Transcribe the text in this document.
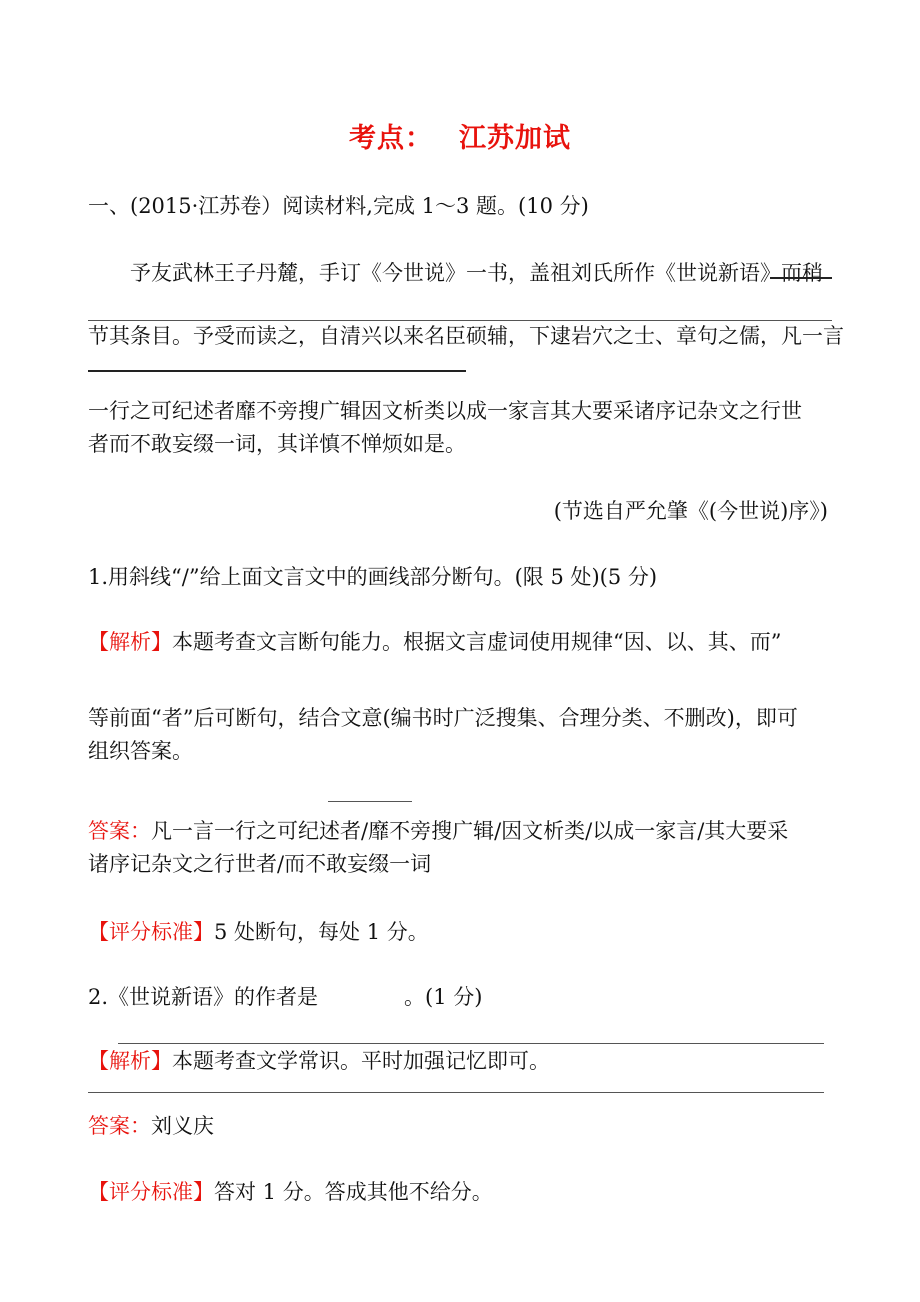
考点： 江苏加试
一、(2015·江苏卷）阅读材料,完成 1～3 题。(10 分)
予友武林王子丹麓，手订《今世说》一书，盖祖刘氏所作《世说新语》而稍
节其条目。予受而读之，自清兴以来名臣硕辅，下逮岩穴之士、章句之儒，凡一言
一行之可纪述者靡不旁搜广辑因文析类以成一家言其大要采诸序记杂文之行世
者而不敢妄缀一词，其详慎不惮烦如是。
(节选自严允肇《(今世说)序》)
1.用斜线“/”给上面文言文中的画线部分断句。(限 5 处)(5 分)
【解析】本题考查文言断句能力。根据文言虚词使用规律“因、以、其、而”
等前面“者”后可断句，结合文意(编书时广泛搜集、合理分类、不删改)，即可
组织答案。
答案：凡一言一行之可纪述者/靡不旁搜广辑/因文析类/以成一家言/其大要采
诸序记杂文之行世者/而不敢妄缀一词
【评分标准】5 处断句，每处 1 分。
2.《世说新语》的作者是	。(1 分)
【解析】本题考查文学常识。平时加强记忆即可。
答案：刘义庆
【评分标准】答对 1 分。答成其他不给分。
